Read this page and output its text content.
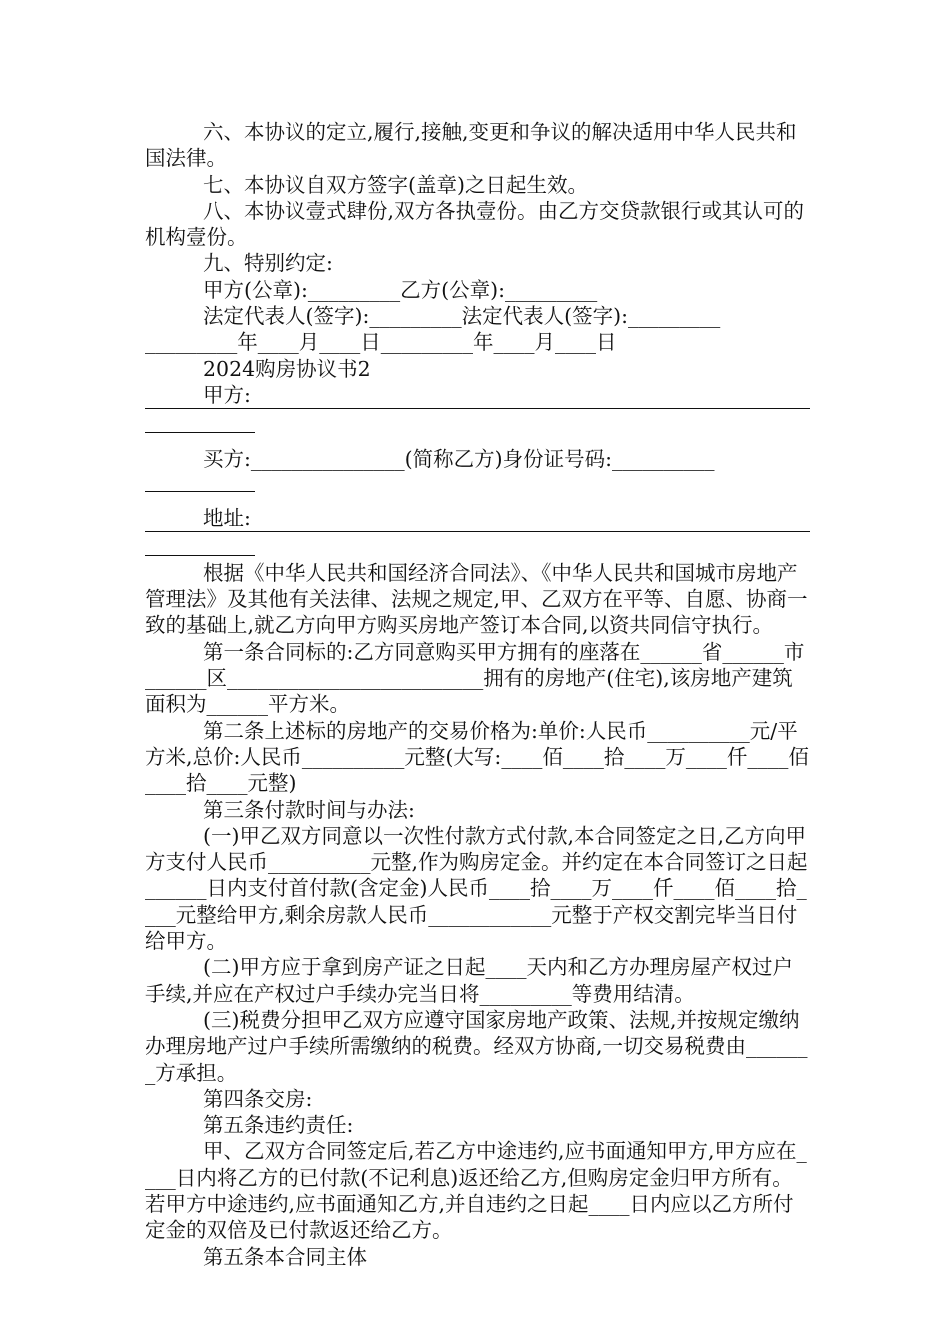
六、本协议的定立,履行,接触,变更和争议的解决适用中华人民共和国法律。

七、本协议自双方签字(盖章)之日起生效。

八、本协议壹式肆份,双方各执壹份。由乙方交贷款银行或其认可的机构壹份。

九、特别约定:

甲方(公章):_________乙方(公章):_________

法定代表人(签字):_________法定代表人(签字):_________

_________年____月____日_________年____月____日

2024购房协议书2

甲方:

买方:_______________(简称乙方)身份证号码:__________

地址:

根据《中华人民共和国经济合同法》、《中华人民共和国城市房地产管理法》及其他有关法律、法规之规定,甲、乙双方在平等、自愿、协商一致的基础上,就乙方向甲方购买房地产签订本合同,以资共同信守执行。

第一条合同标的:乙方同意购买甲方拥有的座落在______省______市______区_________________________拥有的房地产(住宅),该房地产建筑面积为______平方米。

第二条上述标的房地产的交易价格为:单价:人民币__________元/平方米,总价:人民币__________元整(大写:____佰____拾____万____仟____佰____拾____元整)

第三条付款时间与办法:

(一)甲乙双方同意以一次性付款方式付款,本合同签定之日,乙方向甲方支付人民币__________元整,作为购房定金。并约定在本合同签订之日起______日内支付首付款(含定金)人民币____拾____万____仟____佰____拾____元整给甲方,剩余房款人民币____________元整于产权交割完毕当日付给甲方。

(二)甲方应于拿到房产证之日起____天内和乙方办理房屋产权过户手续,并应在产权过户手续办完当日将_________等费用结清。

(三)税费分担甲乙双方应遵守国家房地产政策、法规,并按规定缴纳办理房地产过户手续所需缴纳的税费。经双方协商,一切交易税费由_______方承担。

第四条交房:

第五条违约责任:

甲、乙双方合同签定后,若乙方中途违约,应书面通知甲方,甲方应在____日内将乙方的已付款(不记利息)返还给乙方,但购房定金归甲方所有。若甲方中途违约,应书面通知乙方,并自违约之日起____日内应以乙方所付定金的双倍及已付款返还给乙方。

第五条本合同主体
